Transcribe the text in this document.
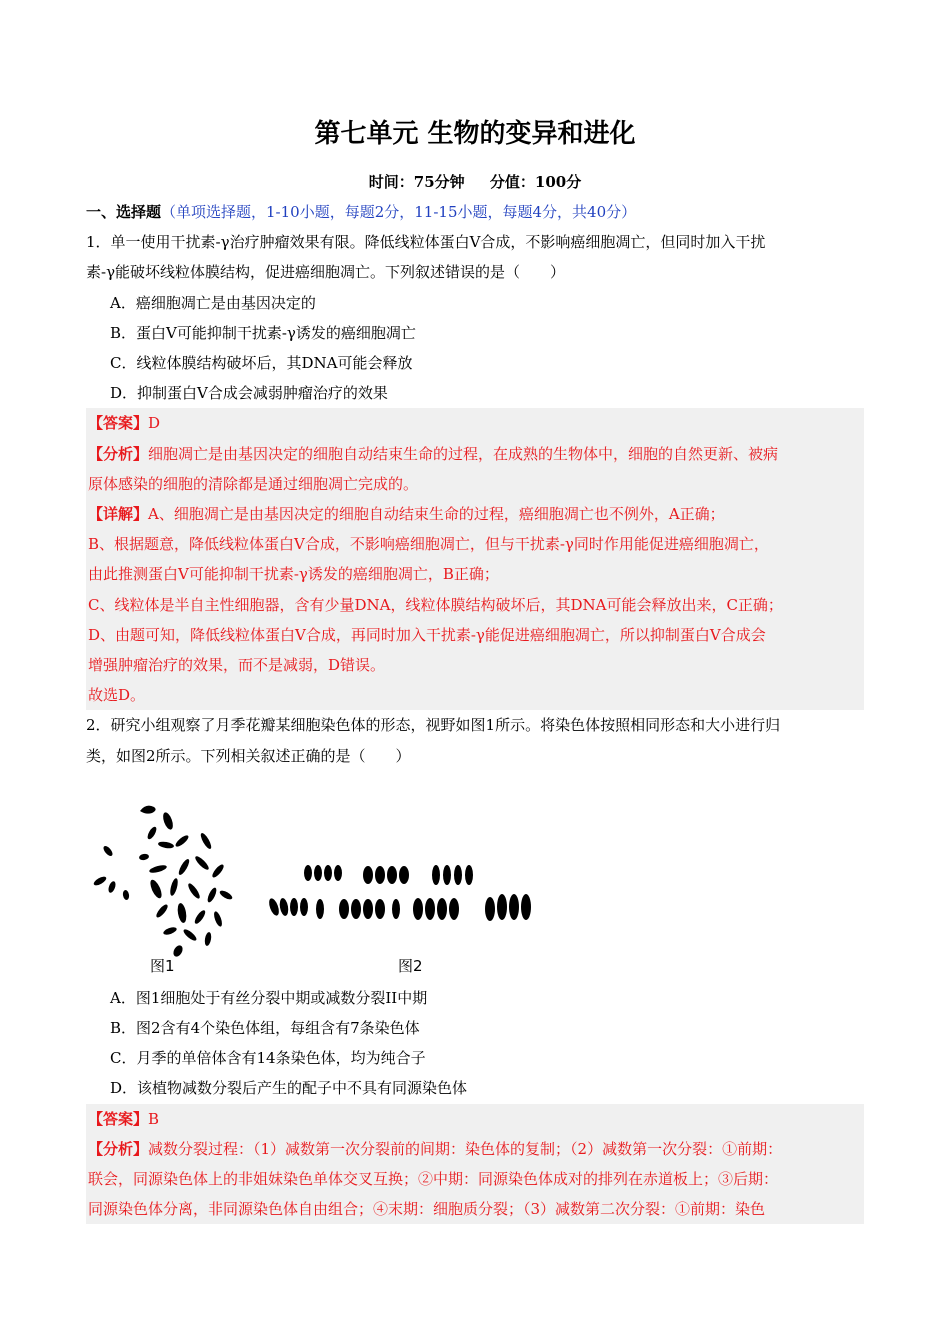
第七单元 生物的变异和进化
时间：75分钟 分值：100分
一、选择题（单项选择题，1-10小题，每题2分，11-15小题，每题4分，共40分）
1．单一使用干扰素-γ治疗肿瘤效果有限。降低线粒体蛋白V合成，不影响癌细胞凋亡，但同时加入干扰
素-γ能破坏线粒体膜结构，促进癌细胞凋亡。下列叙述错误的是（　　）
A．癌细胞凋亡是由基因决定的
B．蛋白V可能抑制干扰素-γ诱发的癌细胞凋亡
C．线粒体膜结构破坏后，其DNA可能会释放
D．抑制蛋白V合成会减弱肿瘤治疗的效果
【答案】D
【分析】细胞凋亡是由基因决定的细胞自动结束生命的过程，在成熟的生物体中，细胞的自然更新、被病
原体感染的细胞的清除都是通过细胞凋亡完成的。
【详解】A、细胞凋亡是由基因决定的细胞自动结束生命的过程，癌细胞凋亡也不例外，A正确；
B、根据题意，降低线粒体蛋白V合成，不影响癌细胞凋亡，但与干扰素-γ同时作用能促进癌细胞凋亡，
由此推测蛋白V可能抑制干扰素-γ诱发的癌细胞凋亡，B正确；
C、线粒体是半自主性细胞器，含有少量DNA，线粒体膜结构破坏后，其DNA可能会释放出来，C正确；
D、由题可知，降低线粒体蛋白V合成，再同时加入干扰素-γ能促进癌细胞凋亡，所以抑制蛋白V合成会
增强肿瘤治疗的效果，而不是减弱，D错误。
故选D。
2．研究小组观察了月季花瓣某细胞染色体的形态，视野如图1所示。将染色体按照相同形态和大小进行归
类，如图2所示。下列相关叙述正确的是（　　）
图1	图2
A．图1细胞处于有丝分裂中期或减数分裂II中期
B．图2含有4个染色体组，每组含有7条染色体
C．月季的单倍体含有14条染色体，均为纯合子
D．该植物减数分裂后产生的配子中不具有同源染色体
【答案】B
【分析】减数分裂过程：（1）减数第一次分裂前的间期：染色体的复制；（2）减数第一次分裂：①前期：
联会，同源染色体上的非姐妹染色单体交叉互换；②中期：同源染色体成对的排列在赤道板上；③后期：
同源染色体分离，非同源染色体自由组合；④末期：细胞质分裂；（3）减数第二次分裂：①前期：染色
